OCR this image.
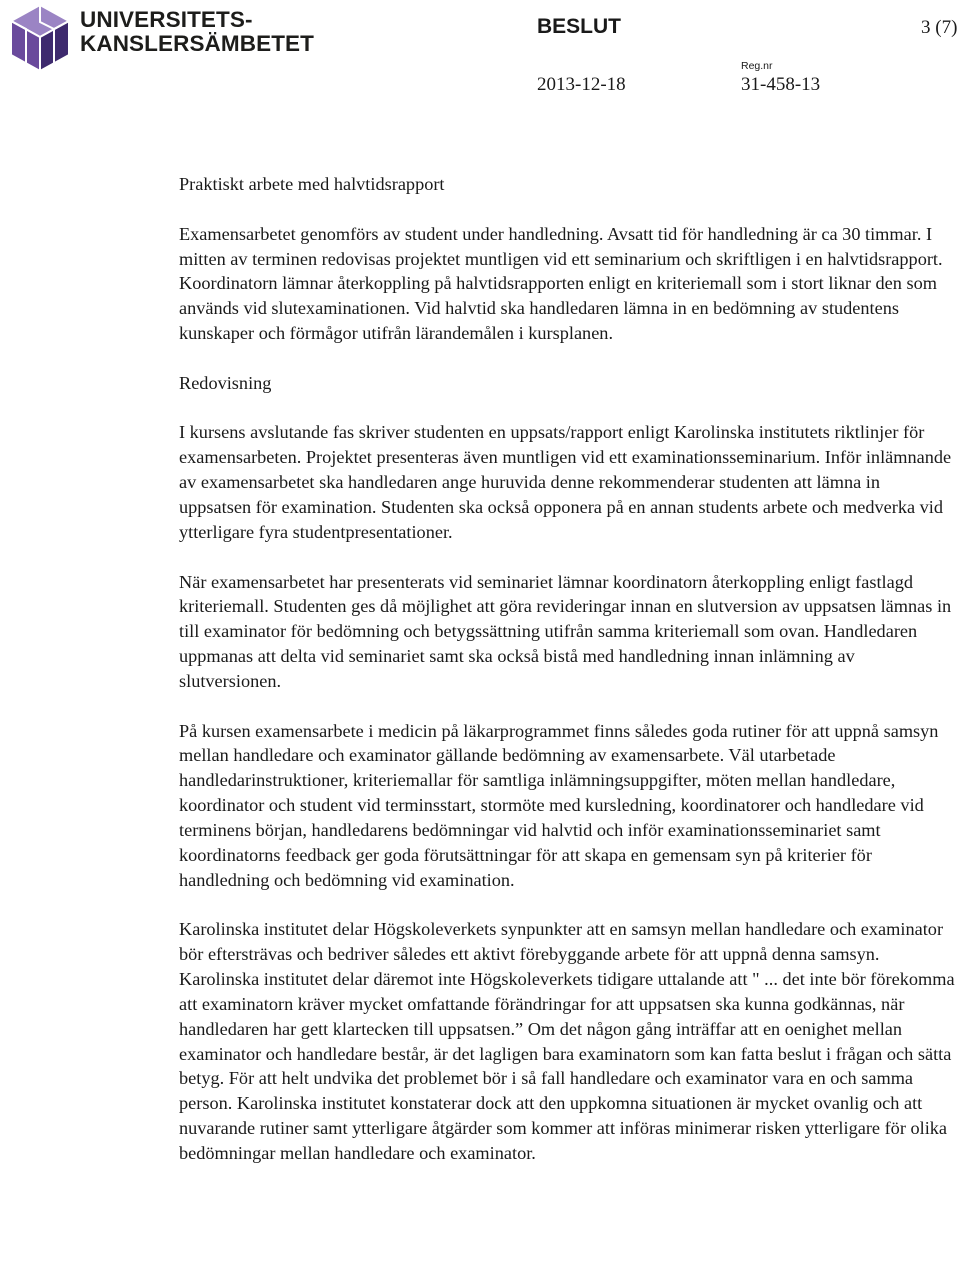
UNIVERSITETS-
KANSLERSÄMBETET
BESLUT	3 (7)
2013-12-18
Reg.nr
31-458-13

Praktiskt arbete med halvtidsrapport

Examensarbetet genomförs av student under handledning. Avsatt tid för handledning är ca 30 timmar. I mitten av terminen redovisas projektet muntligen vid ett seminarium och skriftligen i en halvtidsrapport. Koordinatorn lämnar återkoppling på halvtidsrapporten enligt en kriteriemall som i stort liknar den som används vid slutexaminationen. Vid halvtid ska handledaren lämna in en bedömning av studentens kunskaper och förmågor utifrån lärandemålen i kursplanen.

Redovisning

I kursens avslutande fas skriver studenten en uppsats/rapport enligt Karolinska institutets riktlinjer för examensarbeten. Projektet presenteras även muntligen vid ett examinationsseminarium. Inför inlämnande av examensarbetet ska handledaren ange huruvida denne rekommenderar studenten att lämna in uppsatsen för examination. Studenten ska också opponera på en annan students arbete och medverka vid ytterligare fyra studentpresentationer.

När examensarbetet har presenterats vid seminariet lämnar koordinatorn återkoppling enligt fastlagd kriteriemall. Studenten ges då möjlighet att göra revideringar innan en slutversion av uppsatsen lämnas in till examinator för bedömning och betygssättning utifrån samma kriteriemall som ovan. Handledaren uppmanas att delta vid seminariet samt ska också bistå med handledning innan inlämning av slutversionen.

På kursen examensarbete i medicin på läkarprogrammet finns således goda rutiner för att uppnå samsyn mellan handledare och examinator gällande bedömning av examensarbete. Väl utarbetade handledarinstruktioner, kriteriemallar för samtliga inlämningsuppgifter, möten mellan handledare, koordinator och student vid terminsstart, stormöte med kursledning, koordinatorer och handledare vid terminens början, handledarens bedömningar vid halvtid och inför examinationsseminariet samt koordinatorns feedback ger goda förutsättningar för att skapa en gemensam syn på kriterier för handledning och bedömning vid examination.

Karolinska institutet delar Högskoleverkets synpunkter att en samsyn mellan handledare och examinator bör eftersträvas och bedriver således ett aktivt förebyggande arbete för att uppnå denna samsyn. Karolinska institutet delar däremot inte Högskoleverkets tidigare uttalande att " ... det inte bör förekomma att examinatorn kräver mycket omfattande förändringar for att uppsatsen ska kunna godkännas, när handledaren har gett klartecken till uppsatsen.” Om det någon gång inträffar att en oenighet mellan examinator och handledare består, är det lagligen bara examinatorn som kan fatta beslut i frågan och sätta betyg. För att helt undvika det problemet bör i så fall handledare och examinator vara en och samma person. Karolinska institutet konstaterar dock att den uppkomna situationen är mycket ovanlig och att nuvarande rutiner samt ytterligare åtgärder som kommer att införas minimerar risken ytterligare för olika bedömningar mellan handledare och examinator.
